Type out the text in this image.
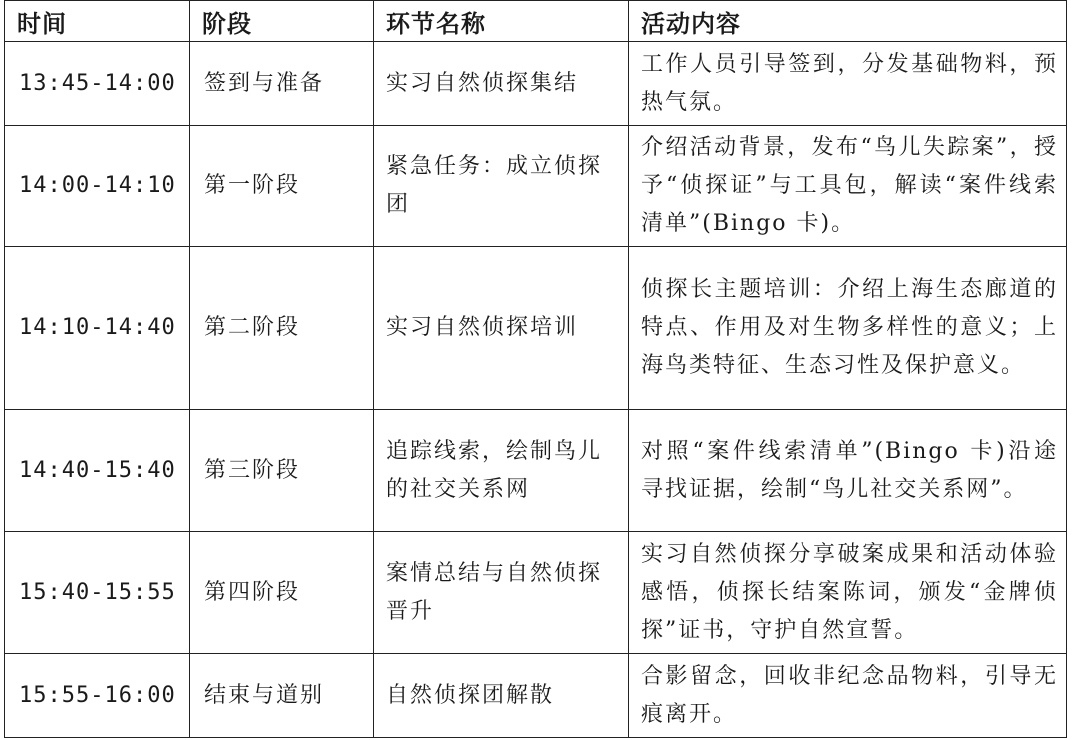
时间	阶段	环节名称	活动内容
13:45-14:00	签到与准备	实习自然侦探集结	工作人员引导签到，分发基础物料，预热气氛。
14:00-14:10	第一阶段	紧急任务：成立侦探团	介绍活动背景，发布“鸟儿失踪案”，授予“侦探证”与工具包，解读“案件线索清单”(Bingo 卡)。
14:10-14:40	第二阶段	实习自然侦探培训	侦探长主题培训：介绍上海生态廊道的特点、作用及对生物多样性的意义；上海鸟类特征、生态习性及保护意义。
14:40-15:40	第三阶段	追踪线索，绘制鸟儿的社交关系网	对照“案件线索清单”(Bingo 卡)沿途寻找证据，绘制“鸟儿社交关系网”。
15:40-15:55	第四阶段	案情总结与自然侦探晋升	实习自然侦探分享破案成果和活动体验感悟，侦探长结案陈词，颁发“金牌侦探”证书，守护自然宣誓。
15:55-16:00	结束与道别	自然侦探团解散	合影留念，回收非纪念品物料，引导无痕离开。
